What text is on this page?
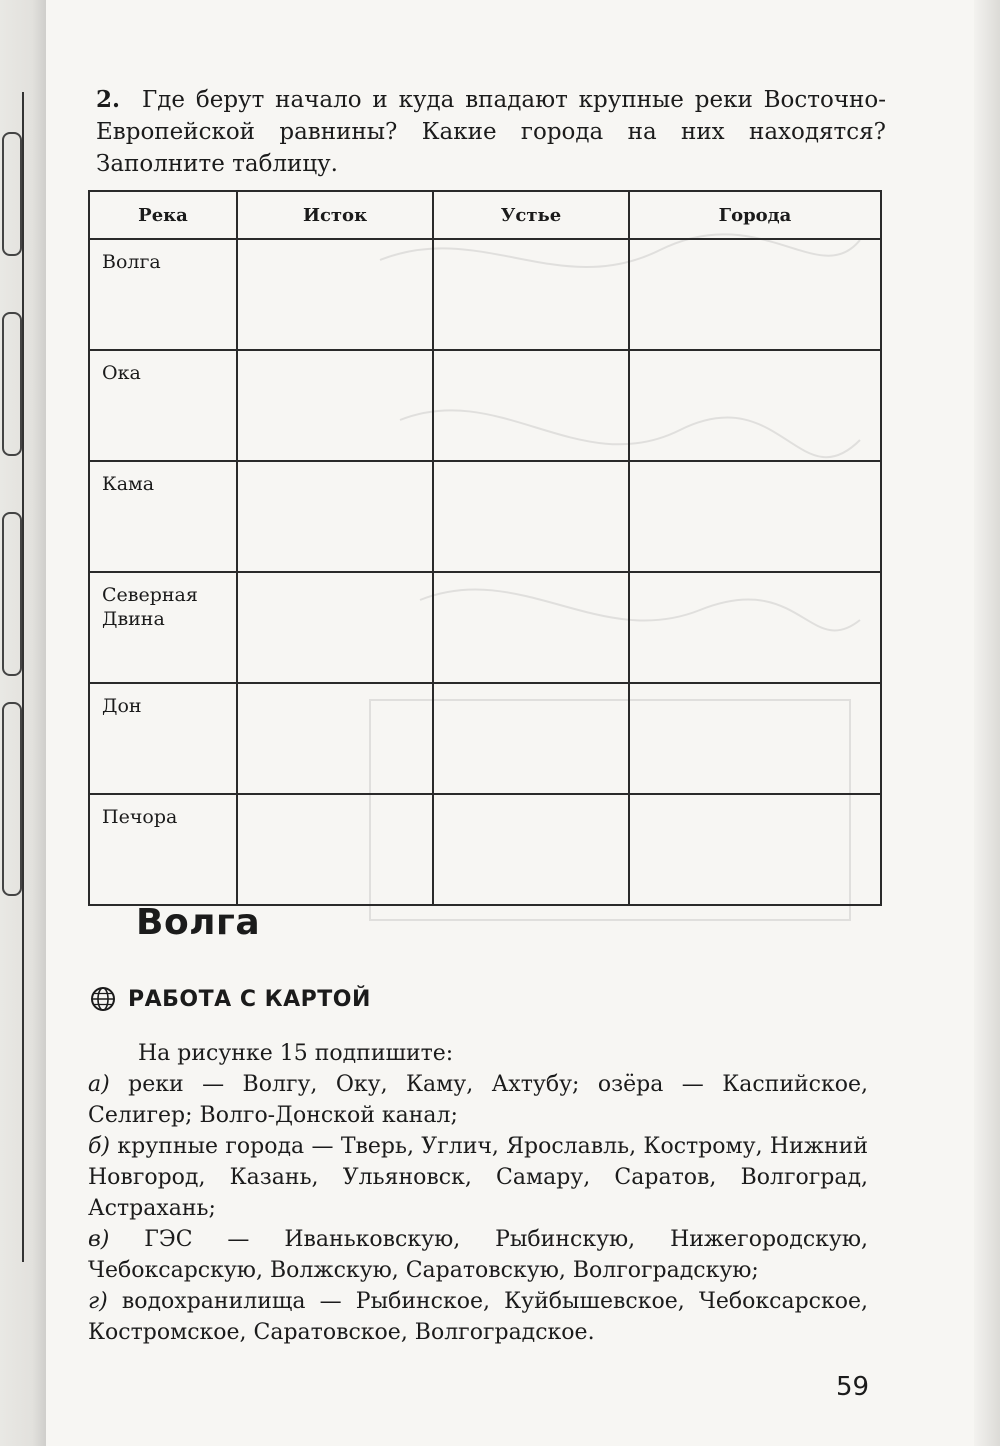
2. Где берут начало и куда впадают крупные реки Восточно-Европейской равнины? Какие города на них находятся? Заполните таблицу.
Река	Исток	Устье	Города
Волга			
Ока			
Кама			
Северная Двина			
Дон			
Печора			
Волга
РАБОТА С КАРТОЙ

На рисунке 15 подпишите:

а) реки — Волгу, Оку, Каму, Ахтубу; озёра — Каспийское, Селигер; Волго-Донской канал;

б) крупные города — Тверь, Углич, Ярославль, Кострому, Нижний Новгород, Казань, Ульяновск, Самару, Саратов, Волгоград, Астрахань;

в) ГЭС — Иваньковскую, Рыбинскую, Нижегородскую, Чебоксарскую, Волжскую, Саратовскую, Волгоградскую;

г) водохранилища — Рыбинское, Куйбышевское, Чебоксарское, Костромское, Саратовское, Волгоградское.

59
